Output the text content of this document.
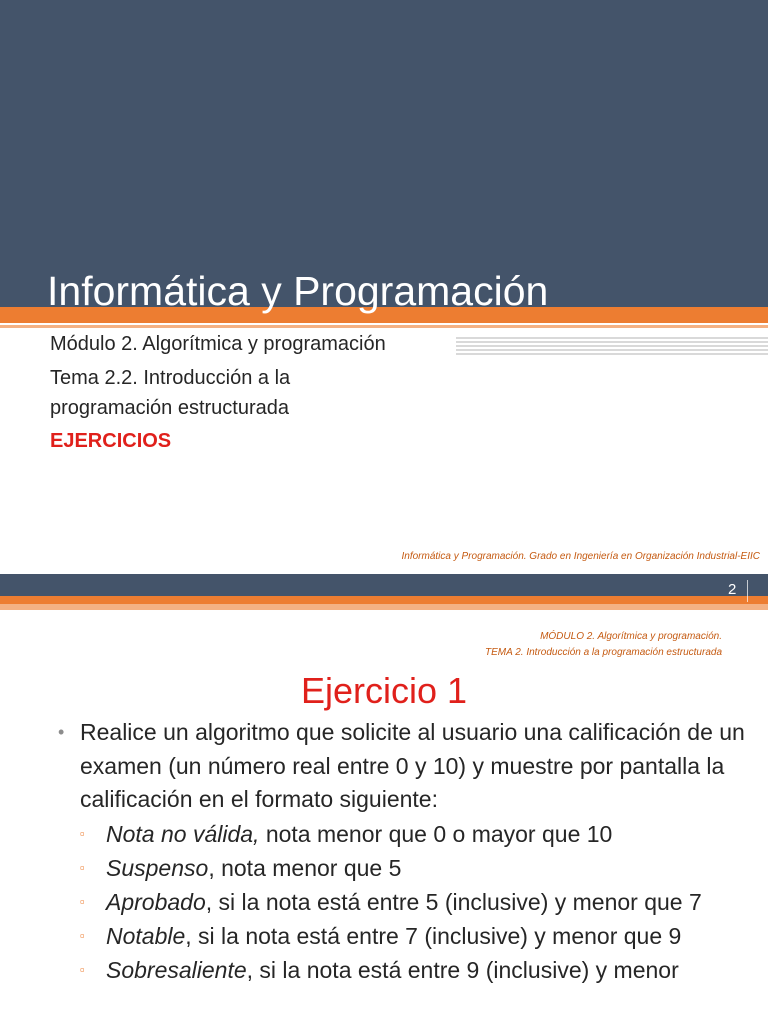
Informática y Programación
Módulo 2. Algorítmica y programación
Tema 2.2. Introducción a la
programación estructurada
EJERCICIOS
Informática y Programación. Grado en Ingeniería en Organización Industrial-EIIC
2
MÓDULO 2. Algorítmica y programación.
TEMA 2. Introducción a la programación estructurada
Ejercicio 1
• Realice un algoritmo que solicite al usuario una calificación de un examen (un número real entre 0 y 10) y muestre por pantalla la calificación en el formato siguiente:
▫ Nota no válida, nota menor que 0 o mayor que 10
▫ Suspenso, nota menor que 5
▫ Aprobado, si la nota está entre 5 (inclusive) y menor que 7
▫ Notable, si la nota está entre 7 (inclusive) y menor que 9
▫ Sobresaliente, si la nota está entre 9 (inclusive) y menor
